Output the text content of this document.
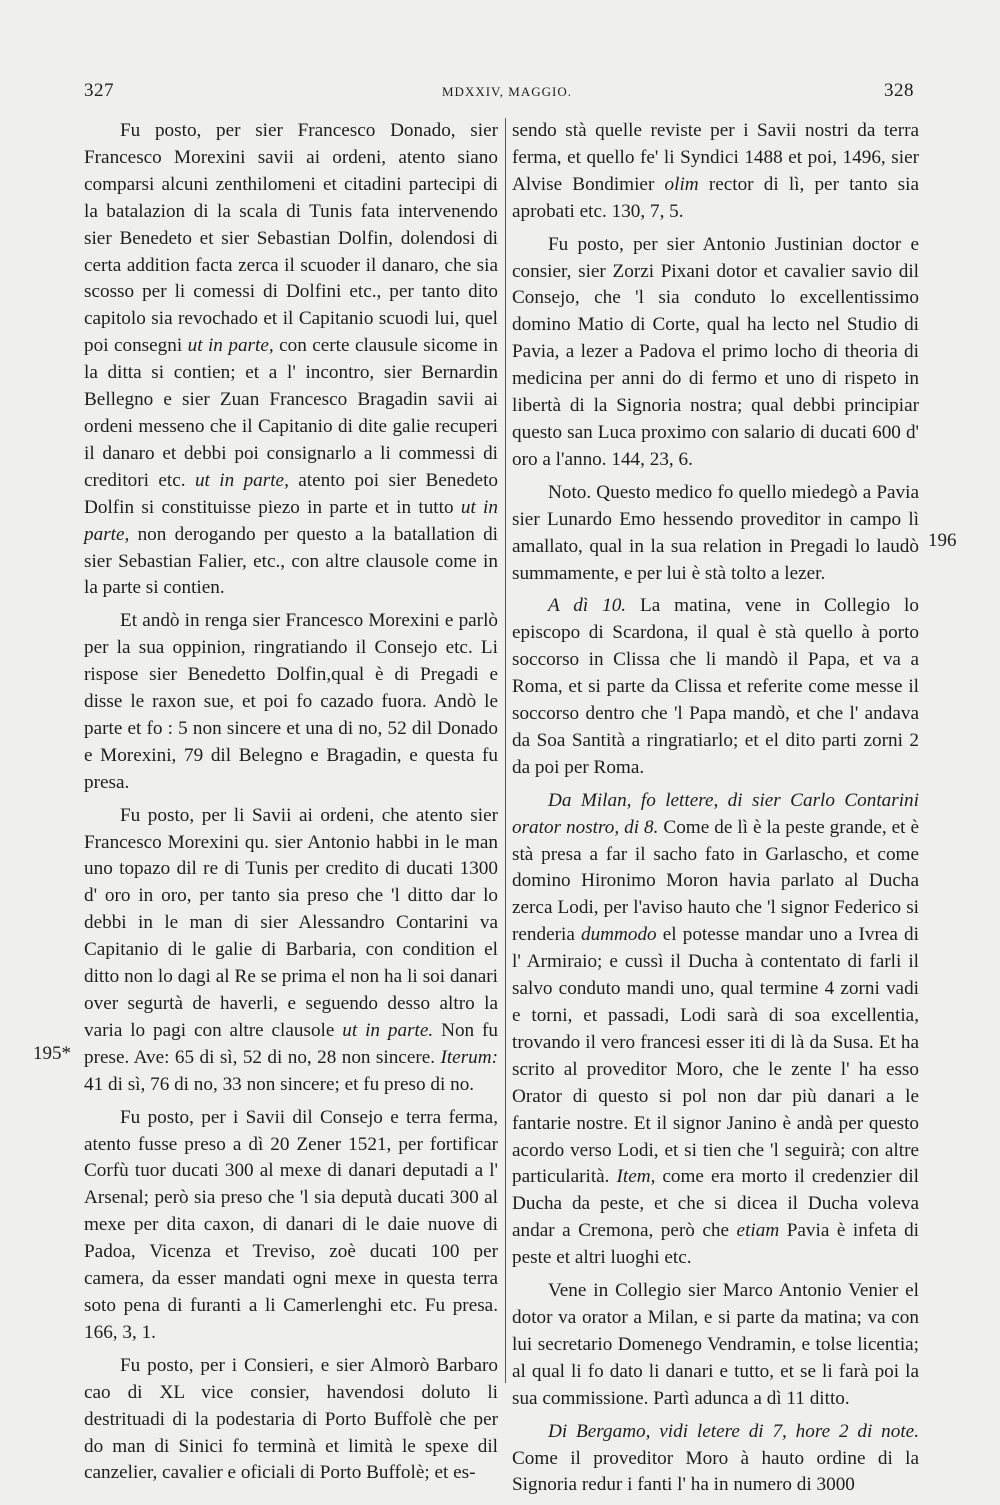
327	MDXXIV, MAGGIO.	328
195*
196

Fu posto, per sier Francesco Donado, sier Francesco Morexini savii ai ordeni, atento siano comparsi alcuni zenthilomeni et citadini partecipi di la batalazion di la scala di Tunis fata intervenendo sier Benedeto et sier Sebastian Dolfin, dolendosi di certa addition facta zerca il scuoder il danaro, che sia scosso per li comessi di Dolfini etc., per tanto dito capitolo sia revochado et il Capitanio scuodi lui, quel poi consegni ut in parte, con certe clausule sicome in la ditta si contien; et a l' incontro, sier Bernardin Bellegno e sier Zuan Francesco Bragadin savii ai ordeni messeno che il Capitanio di dite galie recuperi il danaro et debbi poi consignarlo a li commessi di creditori etc. ut in parte, atento poi sier Benedeto Dolfin si constituisse piezo in parte et in tutto ut in parte, non derogando per questo a la batallation di sier Sebastian Falier, etc., con altre clausole come in la parte si contien.

Et andò in renga sier Francesco Morexini e parlò per la sua oppinion, ringratiando il Consejo etc. Li rispose sier Benedetto Dolfin,qual è di Pregadi e disse le raxon sue, et poi fo cazado fuora. Andò le parte et fo : 5 non sincere et una di no, 52 dil Donado e Morexini, 79 dil Belegno e Bragadin, e questa fu presa.

Fu posto, per li Savii ai ordeni, che atento sier Francesco Morexini qu. sier Antonio habbi in le man uno topazo dil re di Tunis per credito di ducati 1300 d' oro in oro, per tanto sia preso che 'l ditto dar lo debbi in le man di sier Alessandro Contarini va Capitanio di le galie di Barbaria, con condition el ditto non lo dagi al Re se prima el non ha li soi danari over segurtà de haverli, e seguendo desso altro la varia lo pagi con altre clausole ut in parte. Non fu prese. Ave: 65 di sì, 52 di no, 28 non sincere. Iterum: 41 di sì, 76 di no, 33 non sincere; et fu preso di no.

Fu posto, per i Savii dil Consejo e terra ferma, atento fusse preso a dì 20 Zener 1521, per fortificar Corfù tuor ducati 300 al mexe di danari deputadi a l' Arsenal; però sia preso che 'l sia deputà ducati 300 al mexe per dita caxon, di danari di le daie nuove di Padoa, Vicenza et Treviso, zoè ducati 100 per camera, da esser mandati ogni mexe in questa terra soto pena di furanti a li Camerlenghi etc. Fu presa. 166, 3, 1.

Fu posto, per i Consieri, e sier Almorò Barbaro cao di XL vice consier, havendosi doluto li destrituadi di la podestaria di Porto Buffolè che per do man di Sinici fo terminà et limità le spexe dil canzelier, cavalier e oficiali di Porto Buffolè; et es-

sendo stà quelle reviste per i Savii nostri da terra ferma, et quello fe' li Syndici 1488 et poi, 1496, sier Alvise Bondimier olim rector di lì, per tanto sia aprobati etc. 130, 7, 5.

Fu posto, per sier Antonio Justinian doctor e consier, sier Zorzi Pixani dotor et cavalier savio dil Consejo, che 'l sia conduto lo excellentissimo domino Matio di Corte, qual ha lecto nel Studio di Pavia, a lezer a Padova el primo locho di theoria di medicina per anni do di fermo et uno di rispeto in libertà di la Signoria nostra; qual debbi principiar questo san Luca proximo con salario di ducati 600 d' oro a l'anno. 144, 23, 6.

Noto. Questo medico fo quello miedegò a Pavia sier Lunardo Emo hessendo proveditor in campo lì amallato, qual in la sua relation in Pregadi lo laudò summamente, e per lui è stà tolto a lezer.

A dì 10. La matina, vene in Collegio lo episcopo di Scardona, il qual è stà quello à porto soccorso in Clissa che li mandò il Papa, et va a Roma, et si parte da Clissa et referite come messe il soccorso dentro che 'l Papa mandò, et che l' andava da Soa Santità a ringratiarlo; et el dito parti zorni 2 da poi per Roma.

Da Milan, fo lettere, di sier Carlo Contarini orator nostro, di 8. Come de lì è la peste grande, et è stà presa a far il sacho fato in Garlascho, et come domino Hironimo Moron havia parlato al Ducha zerca Lodi, per l'aviso hauto che 'l signor Federico si renderia dummodo el potesse mandar uno a Ivrea di l' Armiraio; e cussì il Ducha à contentato di farli il salvo conduto mandi uno, qual termine 4 zorni vadi e torni, et passadi, Lodi sarà di soa excellentia, trovando il vero francesi esser iti di là da Susa. Et ha scrito al proveditor Moro, che le zente l' ha esso Orator di questo si pol non dar più danari a le fantarie nostre. Et il signor Janino è andà per questo acordo verso Lodi, et si tien che 'l seguirà; con altre particularità. Item, come era morto il credenzier dil Ducha da peste, et che si dicea il Ducha voleva andar a Cremona, però che etiam Pavia è infeta di peste et altri luoghi etc.

Vene in Collegio sier Marco Antonio Venier el dotor va orator a Milan, e si parte da matina; va con lui secretario Domenego Vendramin, e tolse licentia; al qual li fo dato li danari e tutto, et se li farà poi la sua commissione. Partì adunca a dì 11 ditto.

Di Bergamo, vidi letere di 7, hore 2 di note. Come il proveditor Moro à hauto ordine di la Signoria redur i fanti l' ha in numero di 3000
